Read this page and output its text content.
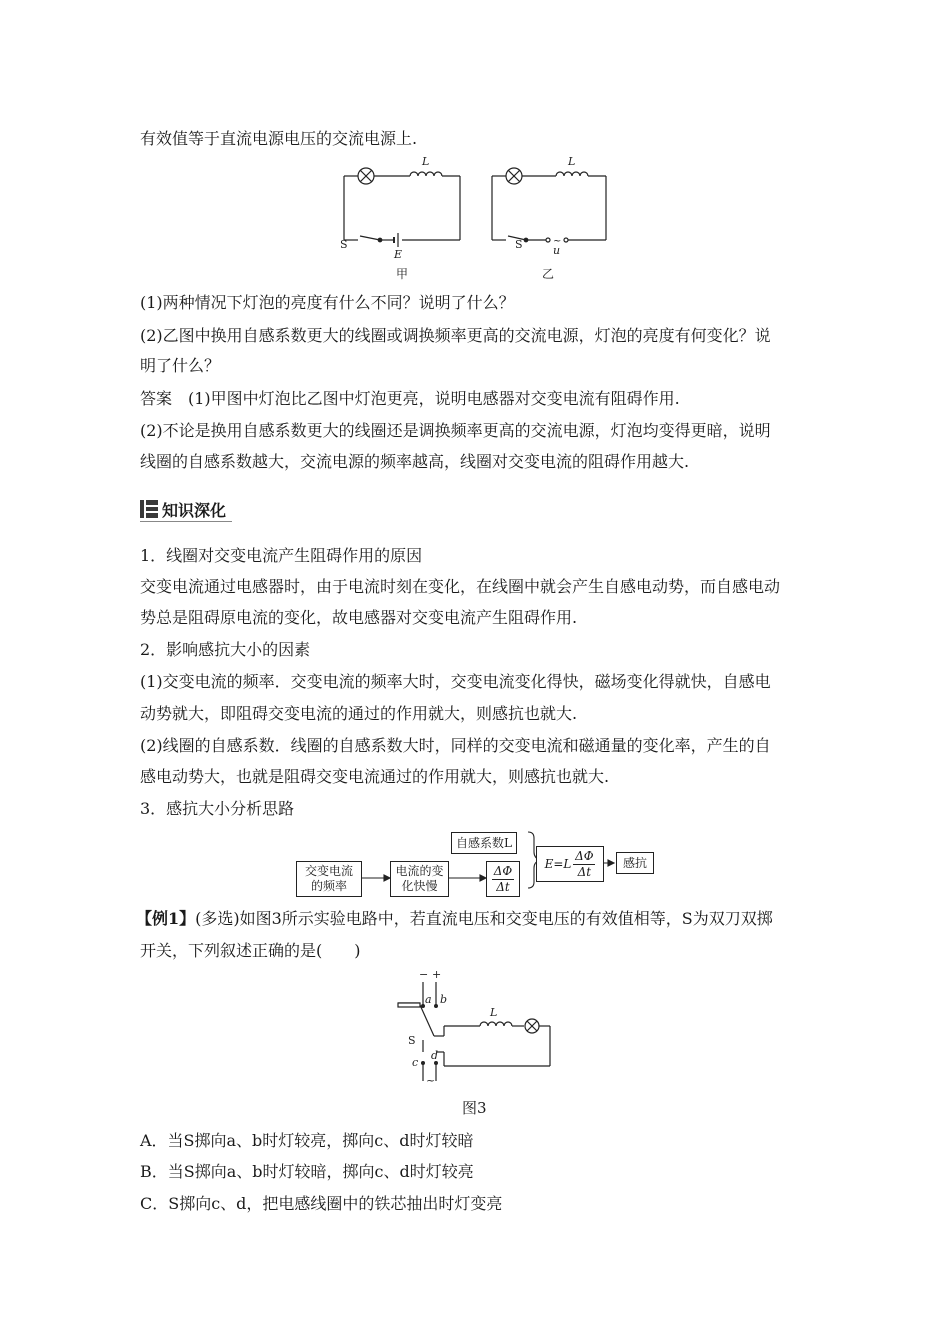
有效值等于直流电源电压的交流电源上.
L
S
E
L
S	~
u
甲	乙
(1)两种情况下灯泡的亮度有什么不同？说明了什么？
(2)乙图中换用自感系数更大的线圈或调换频率更高的交流电源，灯泡的亮度有何变化？说
明了什么？
答案　(1)甲图中灯泡比乙图中灯泡更亮，说明电感器对交变电流有阻碍作用.
(2)不论是换用自感系数更大的线圈还是调换频率更高的交流电源，灯泡均变得更暗，说明
线圈的自感系数越大，交流电源的频率越高，线圈对交变电流的阻碍作用越大.
知识深化
1．线圈对交变电流产生阻碍作用的原因
交变电流通过电感器时，由于电流时刻在变化，在线圈中就会产生自感电动势，而自感电动
势总是阻碍原电流的变化，故电感器对交变电流产生阻碍作用.
2．影响感抗大小的因素
(1)交变电流的频率．交变电流的频率大时，交变电流变化得快，磁场变化得就快，自感电
动势就大，即阻碍交变电流的通过的作用就大，则感抗也就大.
(2)线圈的自感系数．线圈的自感系数大时，同样的交变电流和磁通量的变化率，产生的自
感电动势大，也就是阻碍交变电流通过的作用就大，则感抗也就大.
3．感抗大小分析思路
交变电流
的频率
电流的变
化快慢
自感系数L
ΔΦ
Δt
E=L
ΔΦ
Δt
感抗
【例1】(多选)如图3所示实验电路中，若直流电压和交变电压的有效值相等，S为双刀双掷
开关，下列叙述正确的是(　　)
− +
a b
L
S
c
d
~
图3
A．当S掷向a、b时灯较亮，掷向c、d时灯较暗
B．当S掷向a、b时灯较暗，掷向c、d时灯较亮
C．S掷向c、d，把电感线圈中的铁芯抽出时灯变亮
